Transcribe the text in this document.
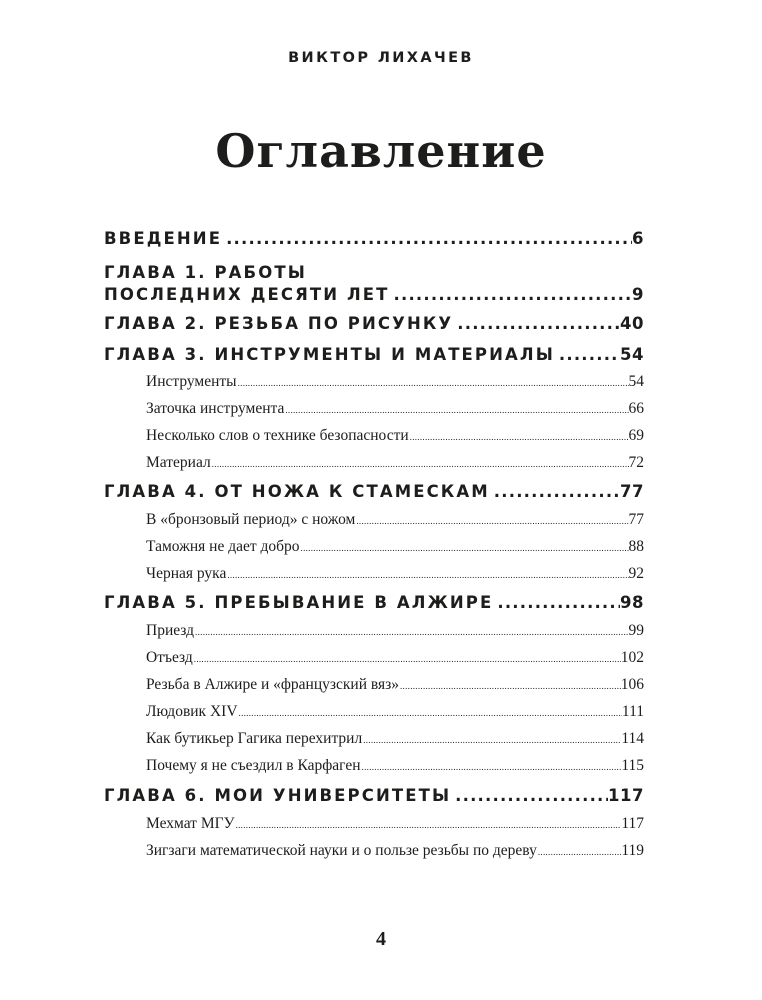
ВИКТОР ЛИХАЧЕВ
Оглавление
ВВЕДЕНИЕ .....	6
ГЛАВА 1. РАБОТЫ
ПОСЛЕДНИХ ДЕСЯТИ ЛЕТ .....	9
ГЛАВА 2. РЕЗЬБА ПО РИСУНКУ .....	40
ГЛАВА 3. ИНСТРУМЕНТЫ И МАТЕРИАЛЫ .....	54
Инструменты .....	54
Заточка инструмента .....	66
Несколько слов о технике безопасности .....	69
Материал .....	72
ГЛАВА 4. ОТ НОЖА К СТАМЕСКАМ .....	77
В «бронзовый период» с ножом .....	77
Таможня не дает добро .....	88
Черная рука .....	92
ГЛАВА 5. ПРЕБЫВАНИЕ В АЛЖИРЕ .....	98
Приезд .....	99
Отъезд .....	102
Резьба в Алжире и «французский вяз» .....	106
Людовик XIV .....	111
Как бутикьер Гагика перехитрил .....	114
Почему я не съездил в Карфаген .....	115
ГЛАВА 6. МОИ УНИВЕРСИТЕТЫ .....	117
Мехмат МГУ .....	117
Зигзаги математической науки и о пользе резьбы по дереву .....	119
4
